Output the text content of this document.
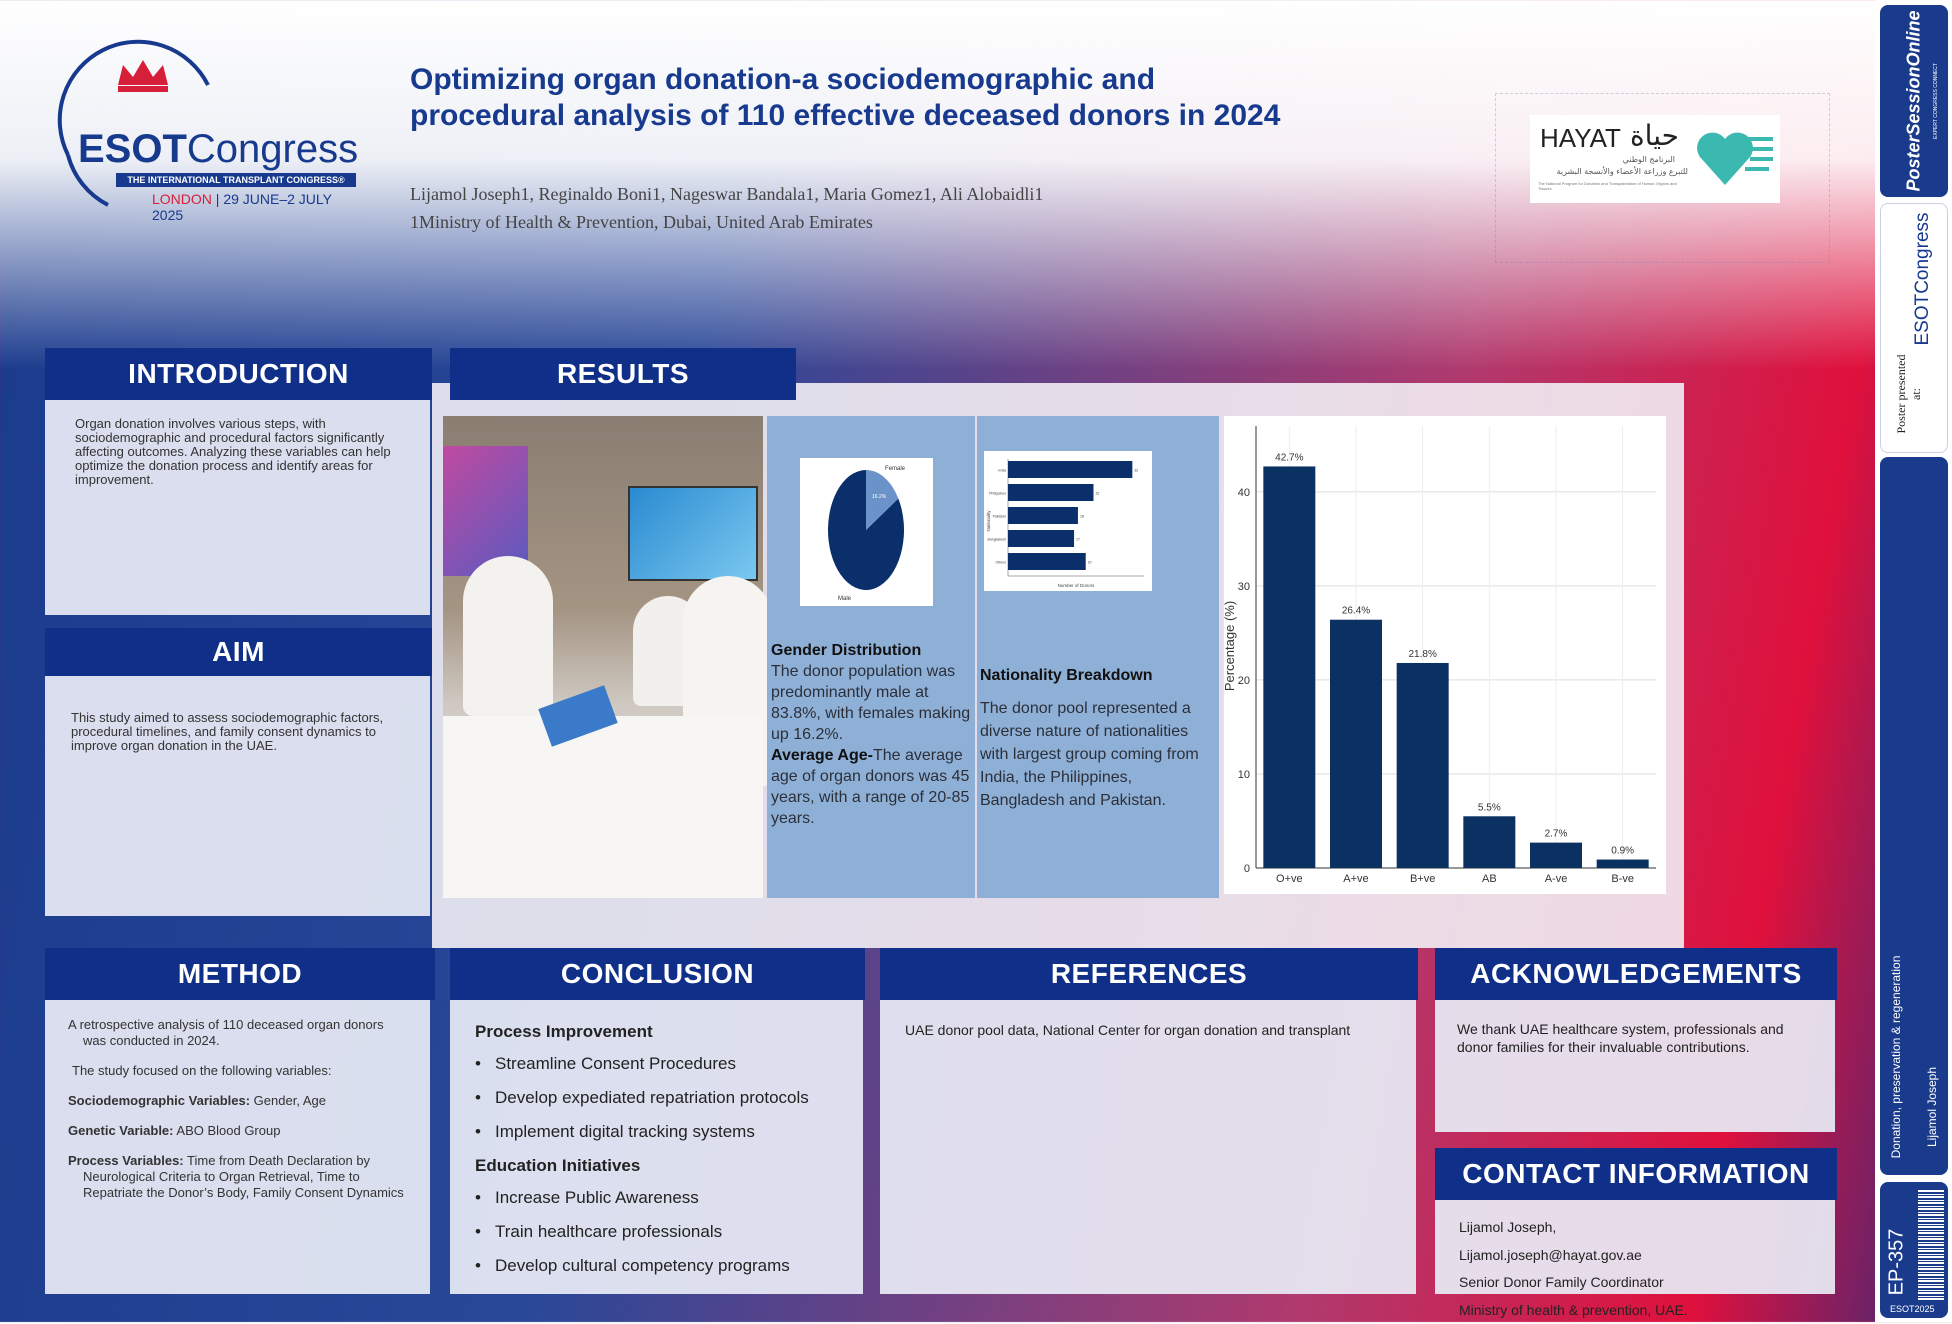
ESOTCongress
THE INTERNATIONAL TRANSPLANT CONGRESS®
LONDON | 29 JUNE–2 JULY 2025
Optimizing organ donation-a sociodemographic and procedural analysis of 110 effective deceased donors in 2024
Lijamol Joseph1, Reginaldo Boni1, Nageswar Bandala1, Maria Gomez1, Ali Alobaidli1
1Ministry of Health & Prevention, Dubai, United Arab Emirates
HAYAT حياة
البرنامج الوطني
للتبرع وزراعة الأعضاء والأنسجة البشرية
The National Program for Donation and Transplantation of Human Organs and Tissues	PosterSessionOnline EXPERT CONGRESS CONNECT
Poster presented at:
ESOTCongress
Donation, preservation & regeneration Lijamol Joseph
EP-357
ESOT2025
INTRODUCTION
Organ donation involves various steps, with sociodemographic and procedural factors significantly affecting outcomes. Analyzing these variables can help optimize the donation process and identify areas for improvement.
AIM
This study aimed to assess sociodemographic factors, procedural timelines, and family consent dynamics to improve organ donation in the UAE.
RESULTS
Female
Male
16.2%

Gender Distribution

The donor population was predominantly male at 83.8%, with females making up 16.2%.

Average Age-The average age of organ donors was 45 years, with a range of 20-85 years.

India	32
Philippines	22
Pakistan	18
Bangladesh	17
Others	20
Number of Donors
Nationality

Nationality Breakdown

The donor pool represented a diverse nature of nationalities with largest group coming from India, the Philippines, Bangladesh and Pakistan.

0
10
20
30
40
42.7%
O+ve
26.4%
A+ve
21.8%
B+ve
5.5%
AB
2.7%
A-ve
0.9%
B-ve
Percentage (%)
METHOD

A retrospective analysis of 110 deceased organ donors was conducted in 2024.

The study focused on the following variables:

Sociodemographic Variables: Gender, Age

Genetic Variable: ABO Blood Group

Process Variables: Time from Death Declaration by Neurological Criteria to Organ Retrieval, Time to Repatriate the Donor’s Body, Family Consent Dynamics

CONCLUSION
Process Improvement
• Streamline Consent Procedures
• Develop expediated repatriation protocols
• Implement digital tracking systems
Education Initiatives
• Increase Public Awareness
• Train healthcare professionals
• Develop cultural competency programs
REFERENCES
UAE donor pool data, National Center for organ donation and transplant
ACKNOWLEDGEMENTS
We thank UAE healthcare system, professionals and donor families for their invaluable contributions.
CONTACT INFORMATION
Lijamol Joseph,
Lijamol.joseph@hayat.gov.ae
Senior Donor Family Coordinator
Ministry of health & prevention, UAE.
